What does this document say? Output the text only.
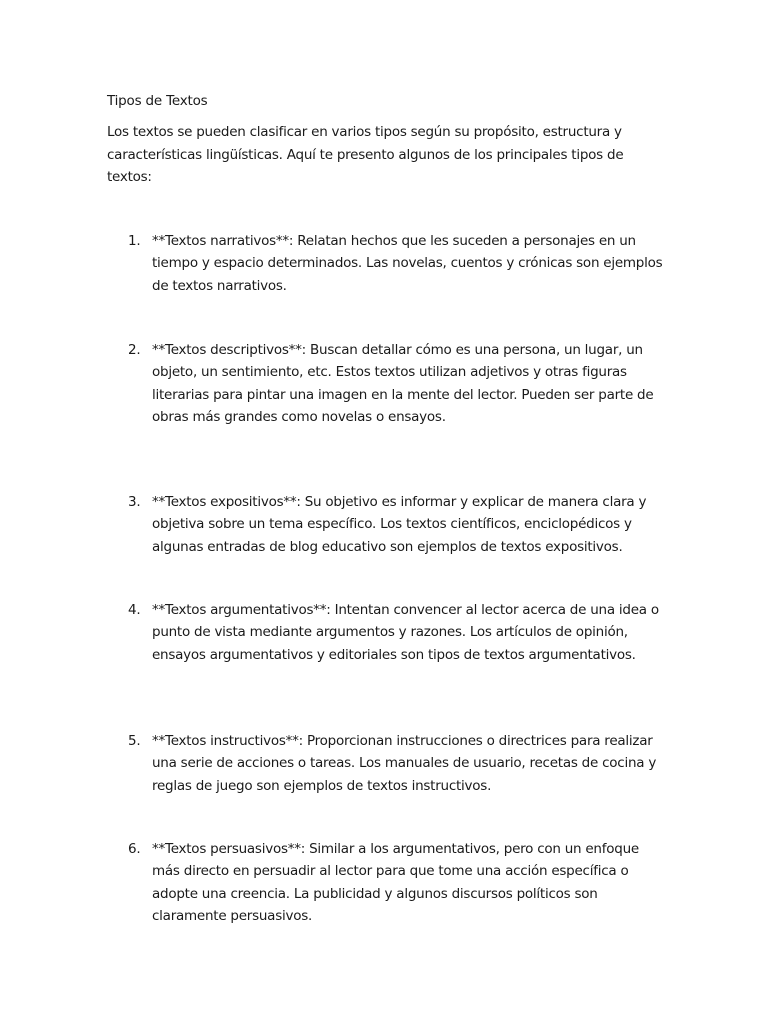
Tipos de Textos
Los textos se pueden clasificar en varios tipos según su propósito, estructura y características lingüísticas. Aquí te presento algunos de los principales tipos de textos:
1. **Textos narrativos**: Relatan hechos que les suceden a personajes en un tiempo y espacio determinados. Las novelas, cuentos y crónicas son ejemplos de textos narrativos.
2. **Textos descriptivos**: Buscan detallar cómo es una persona, un lugar, un objeto, un sentimiento, etc. Estos textos utilizan adjetivos y otras figuras literarias para pintar una imagen en la mente del lector. Pueden ser parte de obras más grandes como novelas o ensayos.
3. **Textos expositivos**: Su objetivo es informar y explicar de manera clara y objetiva sobre un tema específico. Los textos científicos, enciclopédicos y algunas entradas de blog educativo son ejemplos de textos expositivos.
4. **Textos argumentativos**: Intentan convencer al lector acerca de una idea o punto de vista mediante argumentos y razones. Los artículos de opinión, ensayos argumentativos y editoriales son tipos de textos argumentativos.
5. **Textos instructivos**: Proporcionan instrucciones o directrices para realizar una serie de acciones o tareas. Los manuales de usuario, recetas de cocina y reglas de juego son ejemplos de textos instructivos.
6. **Textos persuasivos**: Similar a los argumentativos, pero con un enfoque más directo en persuadir al lector para que tome una acción específica o adopte una creencia. La publicidad y algunos discursos políticos son claramente persuasivos.
